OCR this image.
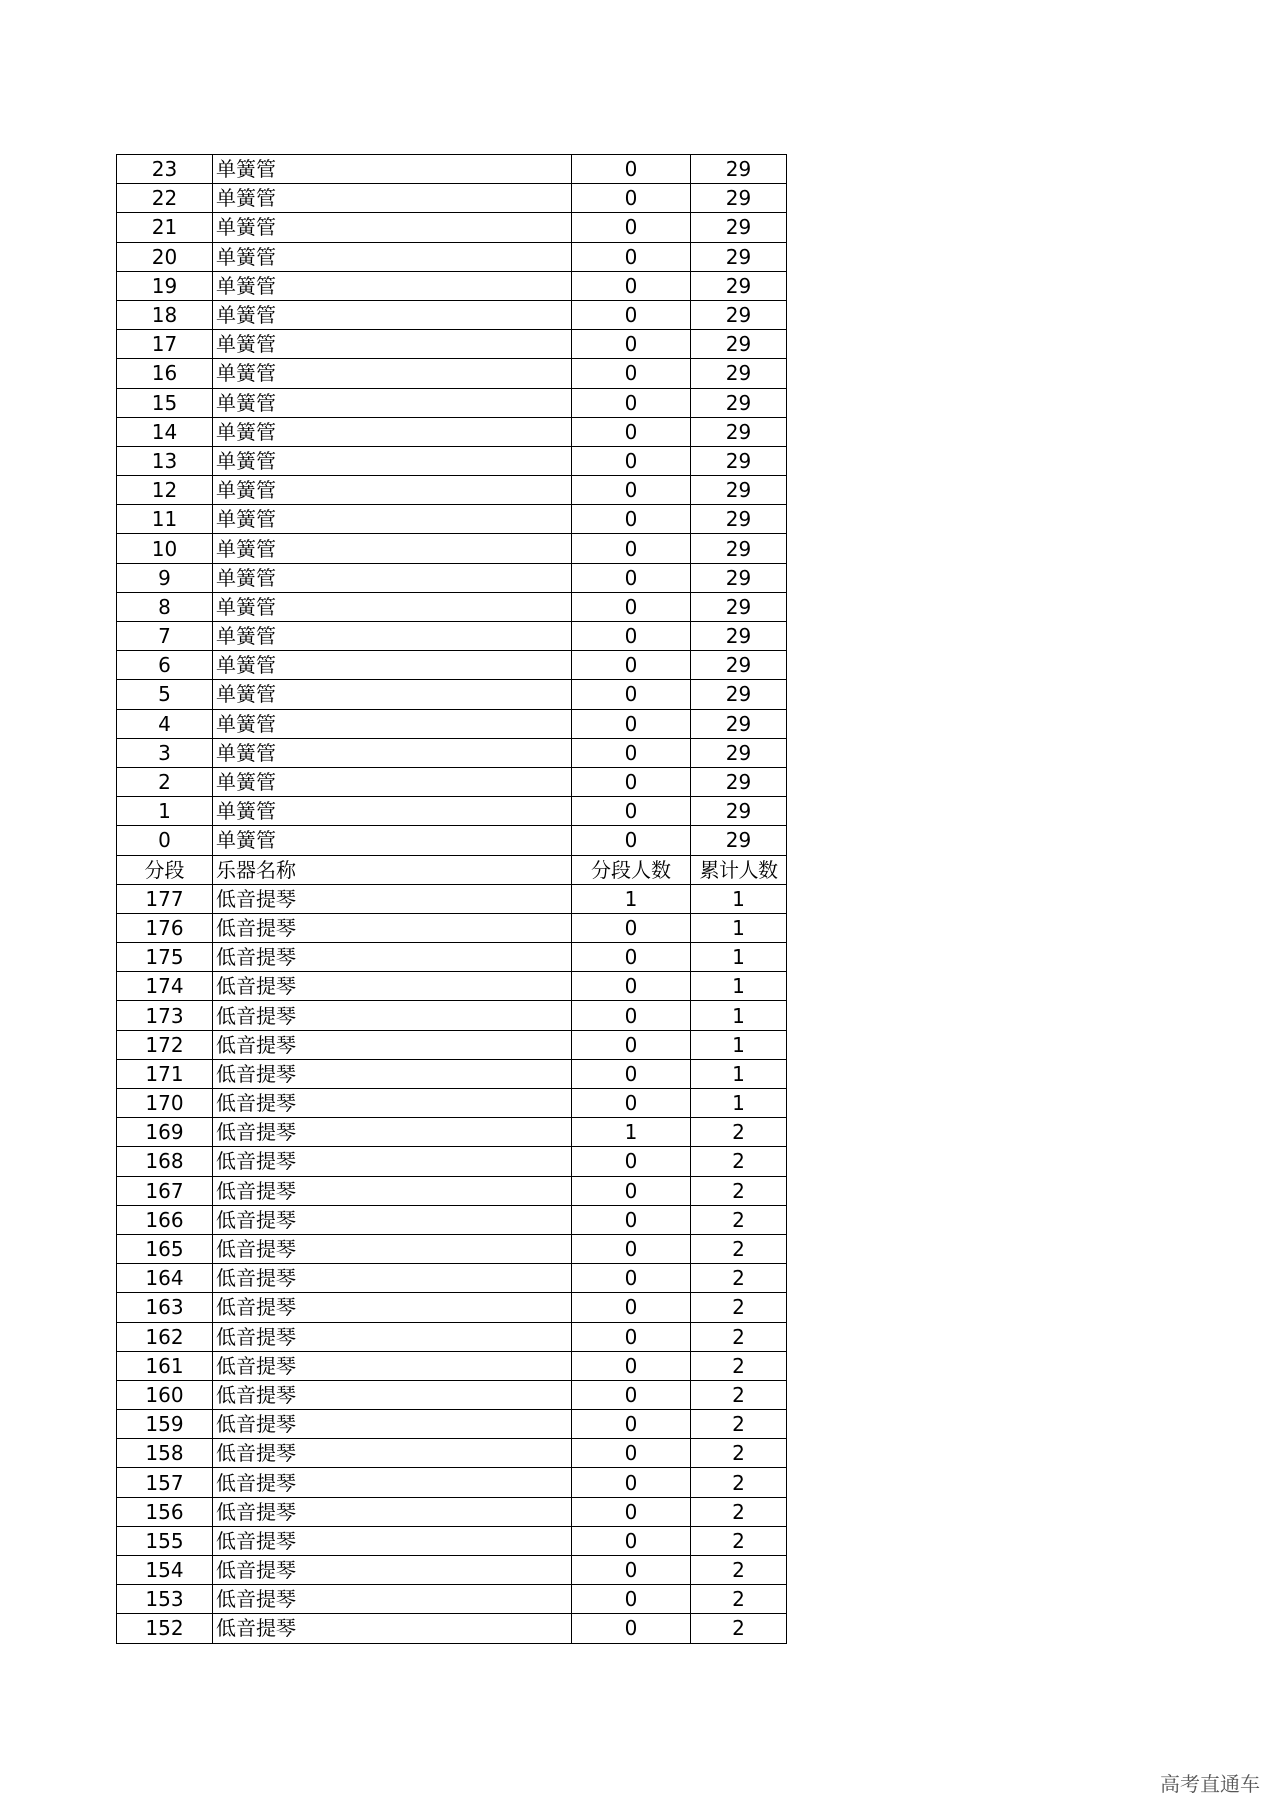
23	单簧管	0	29
22	单簧管	0	29
21	单簧管	0	29
20	单簧管	0	29
19	单簧管	0	29
18	单簧管	0	29
17	单簧管	0	29
16	单簧管	0	29
15	单簧管	0	29
14	单簧管	0	29
13	单簧管	0	29
12	单簧管	0	29
11	单簧管	0	29
10	单簧管	0	29
9	单簧管	0	29
8	单簧管	0	29
7	单簧管	0	29
6	单簧管	0	29
5	单簧管	0	29
4	单簧管	0	29
3	单簧管	0	29
2	单簧管	0	29
1	单簧管	0	29
0	单簧管	0	29
分段	乐器名称	分段人数	累计人数
177	低音提琴	1	1
176	低音提琴	0	1
175	低音提琴	0	1
174	低音提琴	0	1
173	低音提琴	0	1
172	低音提琴	0	1
171	低音提琴	0	1
170	低音提琴	0	1
169	低音提琴	1	2
168	低音提琴	0	2
167	低音提琴	0	2
166	低音提琴	0	2
165	低音提琴	0	2
164	低音提琴	0	2
163	低音提琴	0	2
162	低音提琴	0	2
161	低音提琴	0	2
160	低音提琴	0	2
159	低音提琴	0	2
158	低音提琴	0	2
157	低音提琴	0	2
156	低音提琴	0	2
155	低音提琴	0	2
154	低音提琴	0	2
153	低音提琴	0	2
152	低音提琴	0	2
高考直通车
